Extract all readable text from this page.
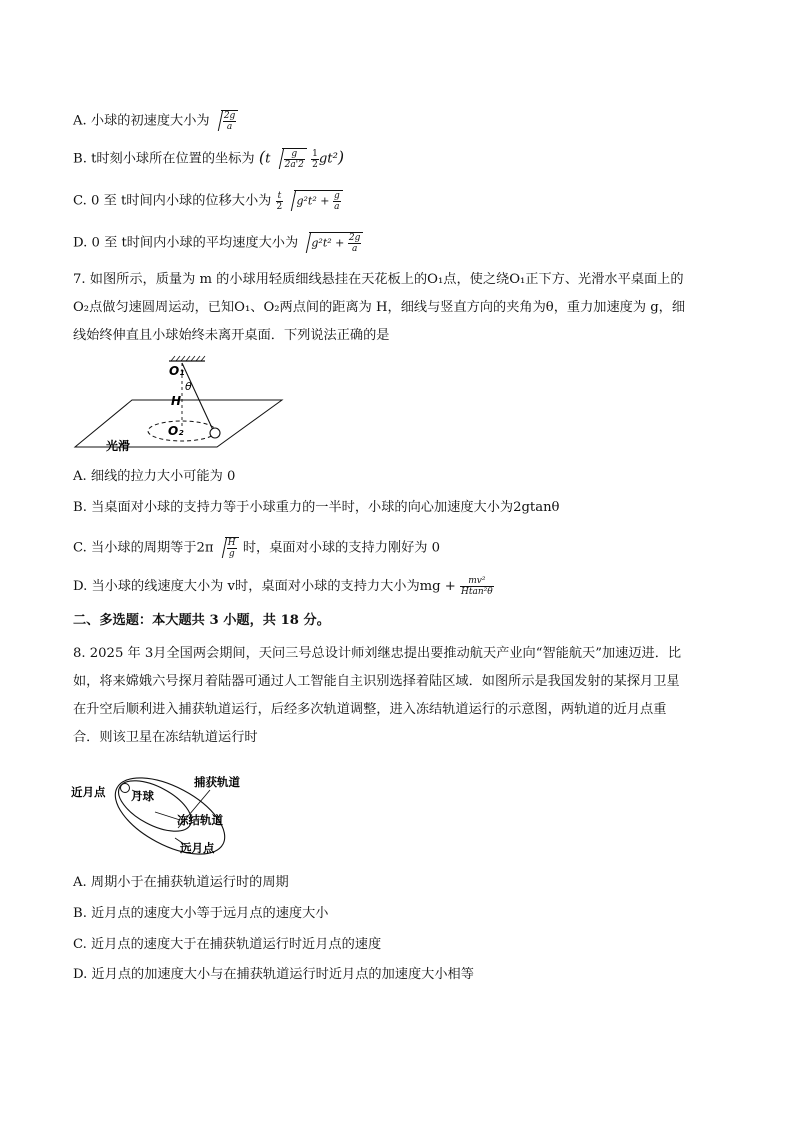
A. 小球的初速度大小为 $\frac{2g}{a}$
B. t时刻小球所在位置的坐标为 ($t \frac{g}{2a'2}$
$\frac{1}{2} gt^2$)
C. 0 至 t时间内小球的位移大小为 $\frac{t}{2} g^2t^2 + \frac{g}{a}$
D. 0 至 t时间内小球的平均速度大小为 $g^2t^2 + \frac{2g}{a}$

7. 如图所示，质量为 m 的小球用轻质细线悬挂在天花板上的O₁点，使之绕O₁正下方、光滑水平桌面上的

O₂点做匀速圆周运动，已知O₁、O₂两点间的距离为 H，细线与竖直方向的夹角为θ，重力加速度为 g，细

线始终伸直且小球始终未离开桌面．下列说法正确的是

O₁
θ
H
O₂
光滑
A. 细线的拉力大小可能为 0
B. 当桌面对小球的支持力等于小球重力的一半时，小球的向心加速度大小为2gtanθ
C. 当小球的周期等于$2\pi \frac{H}{g}$ 时，桌面对小球的支持力刚好为 0
D. 当小球的线速度大小为 v时，桌面对小球的支持力大小为mg + $\frac{\text{mv²}}{\text{Htan²θ}}$
二、多选题：本大题共 3 小题，共 18 分。

8. 2025 年 3月全国两会期间，天问三号总设计师刘继忠提出要推动航天产业向“智能航天”加速迈进．比

如，将来嫦娥六号探月着陆器可通过人工智能自主识别选择着陆区域．如图所示是我国发射的某探月卫星

在升空后顺利进入捕获轨道运行，后经多次轨道调整，进入冻结轨道运行的示意图，两轨道的近月点重

合．则该卫星在冻结轨道运行时

近月点 月球
捕获轨道
冻结轨道
远月点
A. 周期小于在捕获轨道运行时的周期
B. 近月点的速度大小等于远月点的速度大小
C. 近月点的速度大于在捕获轨道运行时近月点的速度
D. 近月点的加速度大小与在捕获轨道运行时近月点的加速度大小相等
